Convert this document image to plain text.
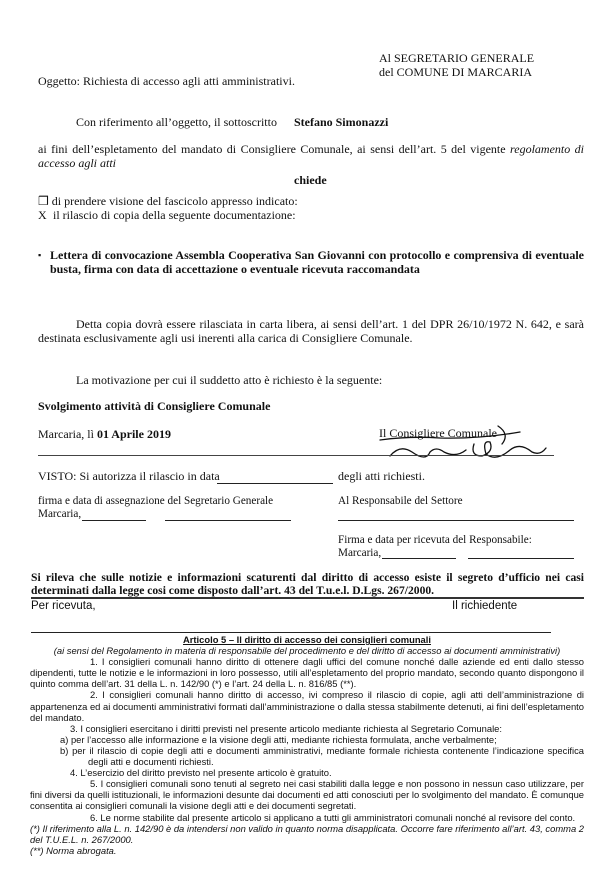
Al SEGRETARIO GENERALE
del COMUNE DI MARCARIA
Oggetto: Richiesta di accesso agli atti amministrativi.
Con riferimento all’oggetto, il sottoscritto Stefano Simonazzi
ai fini dell’espletamento del mandato di Consigliere Comunale, ai sensi dell’art. 5 del vigente regolamento di accesso agli atti
chiede
❒ di prendere visione del fascicolo appresso indicato:
X il rilascio di copia della seguente documentazione:
▪ Lettera di convocazione Assembla Cooperativa San Giovanni con protocollo e comprensiva di eventuale busta, firma con data di accettazione o eventuale ricevuta raccomandata
Detta copia dovrà essere rilasciata in carta libera, ai sensi dell’art. 1 del DPR 26/10/1972 N. 642, e sarà destinata esclusivamente agli usi inerenti alla carica di Consigliere Comunale.
La motivazione per cui il suddetto atto è richiesto è la seguente:
Svolgimento attività di Consigliere Comunale
Marcaria, lì 01 Aprile 2019	Il Consigliere Comunale
VISTO: Si autorizza il rilascio in data	degli atti richiesti.
firma e data di assegnazione del Segretario Generale
Marcaria,
Al Responsabile del Settore
Firma e data per ricevuta del Responsabile:
Marcaria,
Si rileva che sulle notizie e informazioni scaturenti dal diritto di accesso esiste il segreto d’ufficio nei casi determinati dalla legge cosi come disposto dall’art. 43 del T.u.e.l. D.Lgs. 267/2000.
Per ricevuta,	Il richiedente

Articolo 5 – Il diritto di accesso dei consiglieri comunali

(ai sensi del Regolamento in materia di responsabile del procedimento e del diritto di accesso ai documenti amministrativi)

1. I consiglieri comunali hanno diritto di ottenere dagli uffici del comune nonché dalle aziende ed enti dallo stesso dipendenti, tutte le notizie e le informazioni in loro possesso, utili all’espletamento del proprio mandato, secondo quanto dispongono il quinto comma dell’art. 31 della L. n. 142/90 (*) e l’art. 24 della L. n. 816/85 (**).

2. I consiglieri comunali hanno diritto di accesso, ivi compreso il rilascio di copie, agli atti dell’amministrazione di appartenenza ed ai documenti amministrativi formati dall’amministrazione o dalla stessa stabilmente detenuti, ai fini dell’espletamento del mandato.

3. I consiglieri esercitano i diritti previsti nel presente articolo mediante richiesta al Segretario Comunale:

a) per l’accesso alle informazione e la visione degli atti, mediante richiesta formulata, anche verbalmente;

b) per il rilascio di copie degli atti e documenti amministrativi, mediante formale richiesta contenente l’indicazione specifica degli atti e documenti richiesti.

4. L’esercizio del diritto previsto nel presente articolo è gratuito.

5. I consiglieri comunali sono tenuti al segreto nei casi stabiliti dalla legge e non possono in nessun caso utilizzare, per fini diversi da quelli istituzionali, le informazioni desunte dai documenti ed atti conosciuti per lo svolgimento del mandato. È comunque consentita ai consiglieri comunali la visione degli atti e dei documenti segretati.

6. Le norme stabilite dal presente articolo si applicano a tutti gli amministratori comunali nonché al revisore del conto.

(*) Il riferimento alla L. n. 142/90 è da intendersi non valido in quanto norma disapplicata. Occorre fare riferimento all’art. 43, comma 2 del T.U.E.L. n. 267/2000.

(**) Norma abrogata.
